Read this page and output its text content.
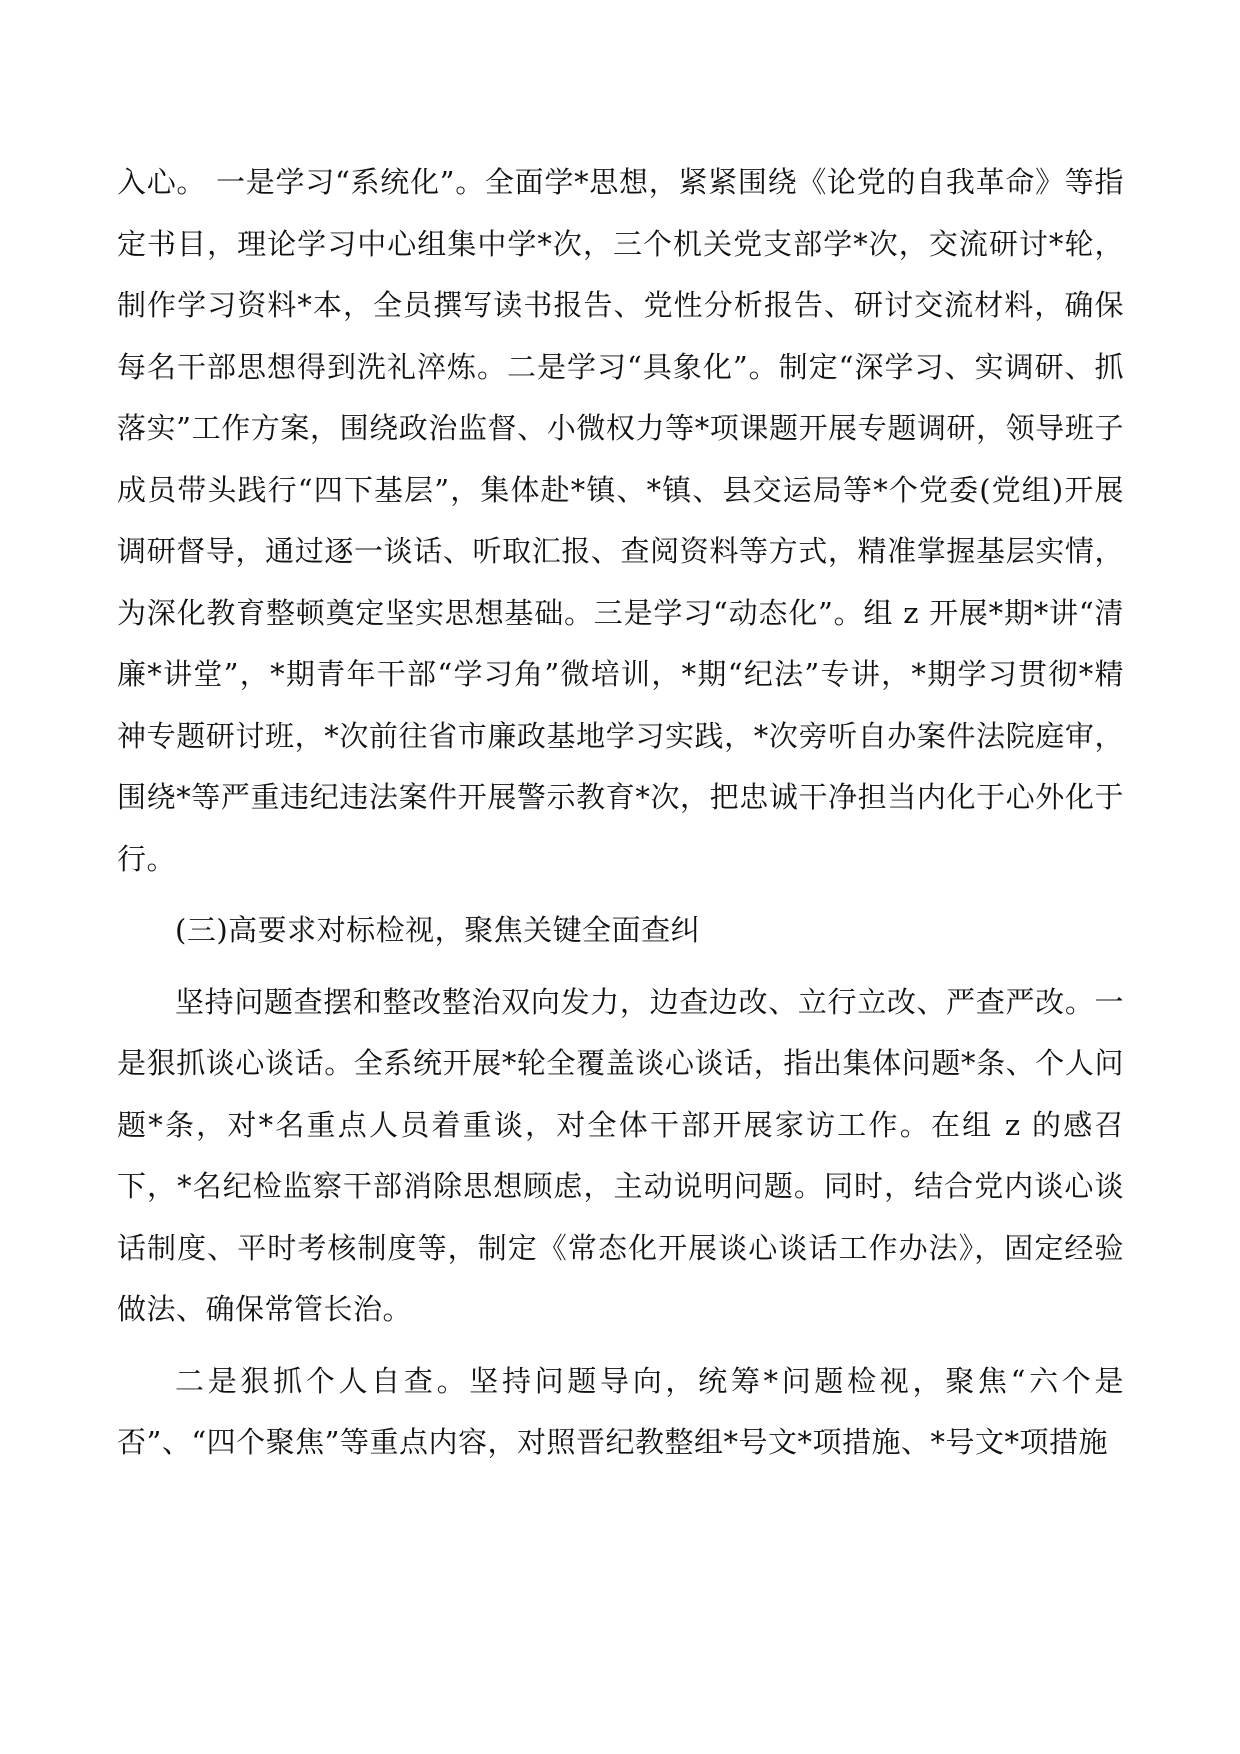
入心。 一是学习“系统化”。全面学*思想，紧紧围绕《论党的自我革命》等指定书目，理论学习中心组集中学*次，三个机关党支部学*次，交流研讨*轮，制作学习资料*本，全员撰写读书报告、党性分析报告、研讨交流材料，确保每名干部思想得到洗礼淬炼。二是学习“具象化”。制定“深学习、实调研、抓落实”工作方案，围绕政治监督、小微权力等*项课题开展专题调研，领导班子成员带头践行“四下基层”，集体赴*镇、*镇、县交运局等*个党委(党组)开展调研督导，通过逐一谈话、听取汇报、查阅资料等方式，精准掌握基层实情，为深化教育整顿奠定坚实思想基础。三是学习“动态化”。组 z 开展*期*讲“清廉*讲堂”，*期青年干部“学习角”微培训，*期“纪法”专讲，*期学习贯彻*精神专题研讨班，*次前往省市廉政基地学习实践，*次旁听自办案件法院庭审，围绕*等严重违纪违法案件开展警示教育*次，把忠诚干净担当内化于心外化于行。

(三)高要求对标检视，聚焦关键全面查纠

坚持问题查摆和整改整治双向发力，边查边改、立行立改、严查严改。一是狠抓谈心谈话。全系统开展*轮全覆盖谈心谈话，指出集体问题*条、个人问题*条，对*名重点人员着重谈，对全体干部开展家访工作。在组 z 的感召下，*名纪检监察干部消除思想顾虑，主动说明问题。同时，结合党内谈心谈话制度、平时考核制度等，制定《常态化开展谈心谈话工作办法》，固定经验做法、确保常管长治。

二是狠抓个人自查。坚持问题导向，统筹*问题检视，聚焦“六个是否”、“四个聚焦”等重点内容，对照晋纪教整组*号文*项措施、*号文*项措施
